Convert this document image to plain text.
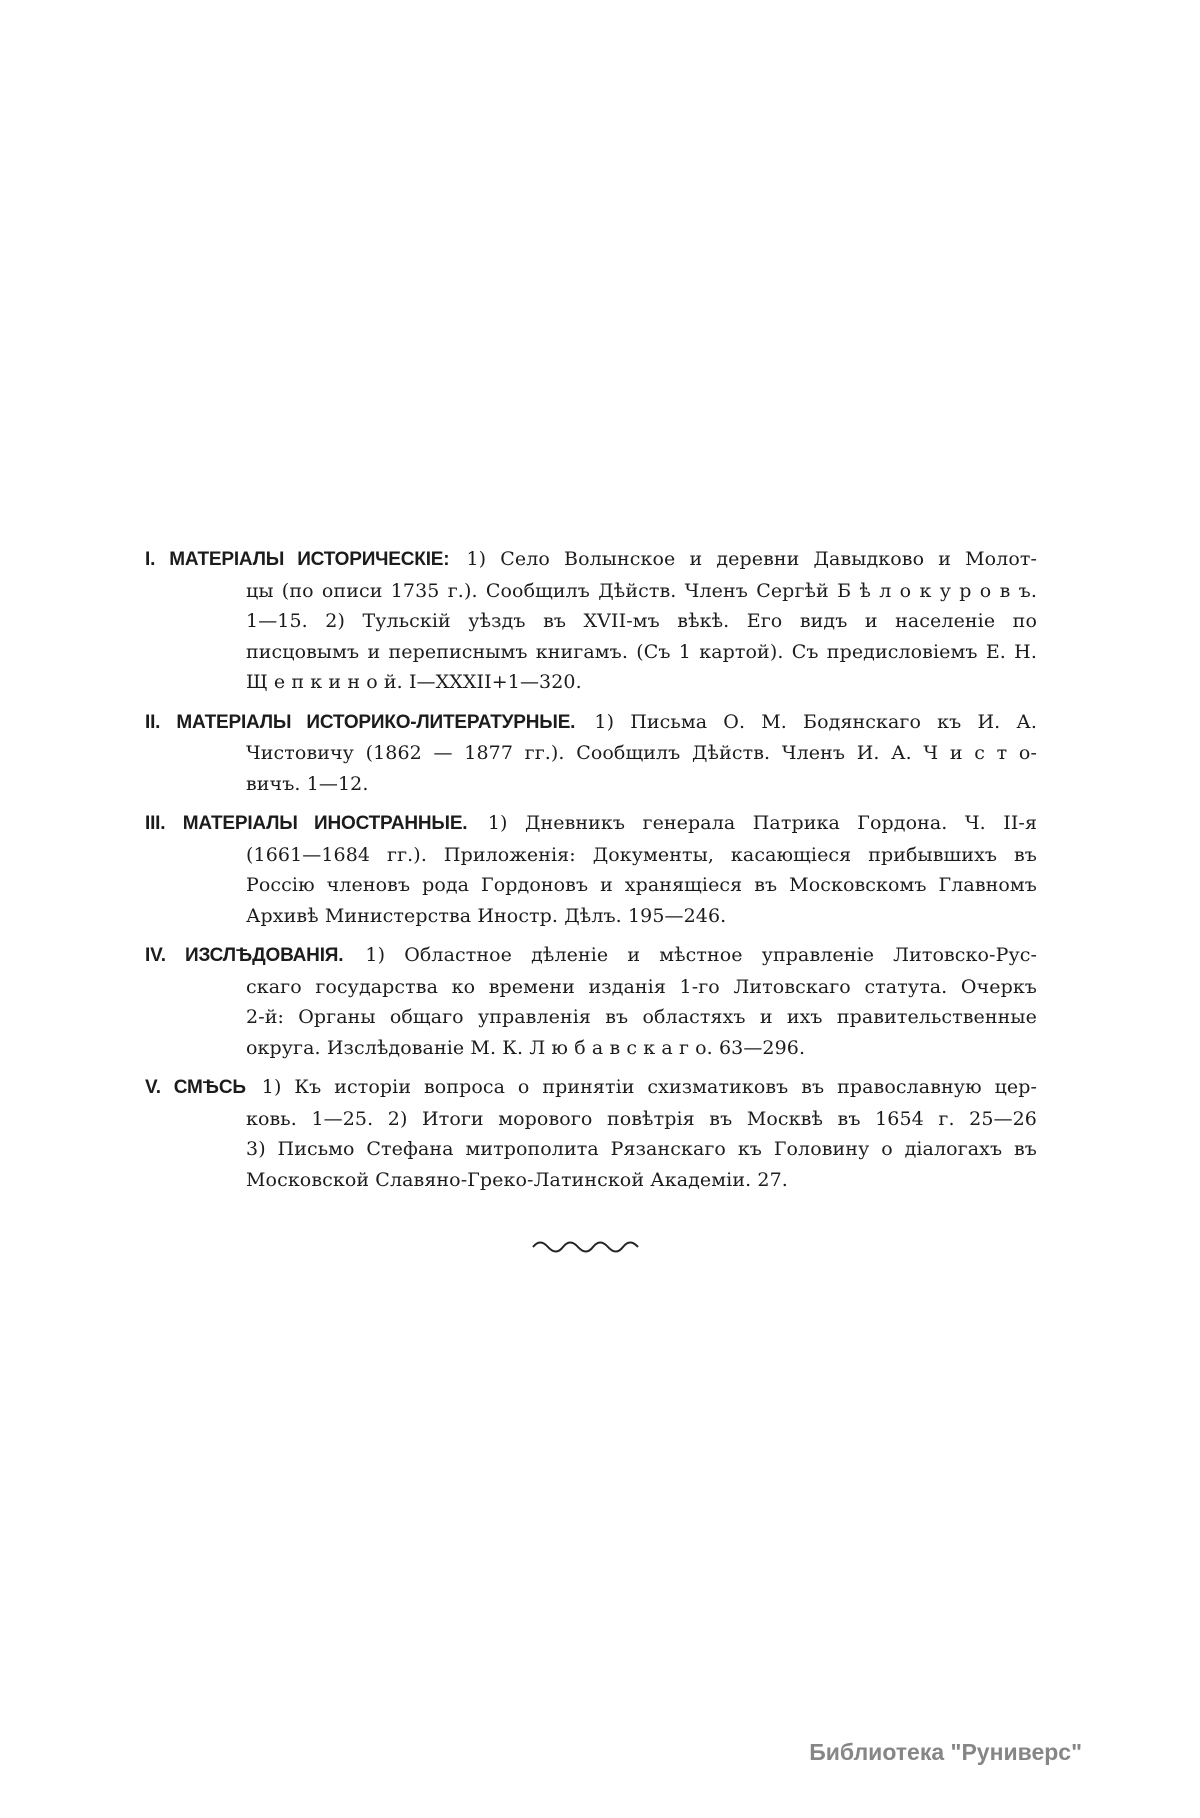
I. МАТЕРІАЛЫ ИСТОРИЧЕСКІЕ: 1) Село Волынское и деревни Давыдково и Молот-
цы (по описи 1735 г.). Сообщилъ Дѣйств. Членъ Сергѣй Б ѣ л о к у р о в ъ.
1—15. 2) Тульскій уѣздъ въ XVII-мъ вѣкѣ. Его видъ и населеніе по
писцовымъ и переписнымъ книгамъ. (Съ 1 картой). Съ предисловіемъ Е. Н.
Щ е п к и н о й. I—XXXII+1—320.
II. МАТЕРІАЛЫ ИСТОРИКО-ЛИТЕРАТУРНЫЕ. 1) Письма О. М. Бодянскаго къ И. А.
Чистовичу (1862 — 1877 гг.). Сообщилъ Дѣйств. Членъ И. А. Ч и с т о-
вичъ. 1—12.
III. МАТЕРІАЛЫ ИНОСТРАННЫЕ. 1) Дневникъ генерала Патрика Гордона. Ч. II-я
(1661—1684 гг.). Приложенія: Документы, касающіеся прибывшихъ въ
Россію членовъ рода Гордоновъ и хранящіеся въ Московскомъ Главномъ
Архивѣ Министерства Иностр. Дѣлъ. 195—246.
IV. ИЗСЛѢДОВАНІЯ. 1) Областное дѣленіе и мѣстное управленіе Литовско-Рус-
скаго государства ко времени изданія 1-го Литовскаго статута. Очеркъ
2-й: Органы общаго управленія въ областяхъ и ихъ правительственные
округа. Изслѣдованіе М. К. Л ю б а в с к а г о. 63—296.
V. СМѢСЬ 1) Къ исторіи вопроса о принятіи схизматиковъ въ православную цер-
ковь. 1—25. 2) Итоги морового повѣтрія въ Москвѣ въ 1654 г. 25—26
3) Письмо Стефана митрополита Рязанскаго къ Головину о діалогахъ въ
Московской Славяно-Греко-Латинской Академіи. 27.
Библиотека "Руниверс"
